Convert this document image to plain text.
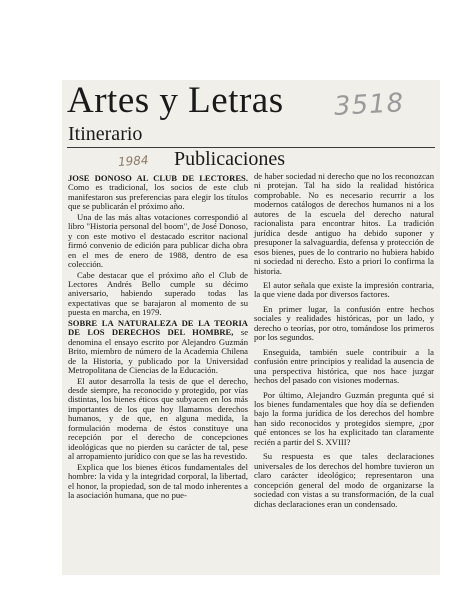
Artes y Letras 3518
Itinerario
1984 Publicaciones

JOSE DONOSO AL CLUB DE LECTORES. Como es tradicional, los socios de este club manifestaron sus preferencias para elegir los títulos que se publicarán el próximo año.

Una de las más altas votaciones correspondió al libro "Historia personal del boom", de José Donoso, y con este motivo el destacado escritor nacional firmó convenio de edición para publicar dicha obra en el mes de enero de 1988, dentro de esa colección.

Cabe destacar que el próximo año el Club de Lectores Andrés Bello cumple su décimo aniversario, habiendo superado todas las expectativas que se barajaron al momento de su puesta en marcha, en 1979.

SOBRE LA NATURALEZA DE LA TEORIA DE LOS DERECHOS DEL HOMBRE, se denomina el ensayo escrito por Alejandro Guzmán Brito, miembro de número de la Academia Chilena de la Historia, y publicado por la Universidad Metropolitana de Ciencias de la Educación.

El autor desarrolla la tesis de que el derecho, desde siempre, ha reconocido y protegido, por vías distintas, los bienes éticos que subyacen en los más importantes de los que hoy llamamos derechos humanos, y de que, en alguna medida, la formulación moderna de éstos constituye una recepción por el derecho de concepciones ideológicas que no pierden su carácter de tal, pese al arropamiento jurídico con que se las ha revestido.

Explica que los bienes éticos fundamentales del hombre: la vida y la integridad corporal, la libertad, el honor, la propiedad, son de tal modo inherentes a la asociación humana, que no pue-

de haber sociedad ni derecho que no los reconozcan ni protejan. Tal ha sido la realidad histórica comprobable. No es necesario recurrir a los modernos catálogos de derechos humanos ni a los autores de la escuela del derecho natural racionalista para encontrar hitos. La tradición jurídica desde antiguo ha debido suponer y presuponer la salvaguardia, defensa y protección de esos bienes, pues de lo contrario no hubiera habido ni sociedad ni derecho. Esto a priori lo confirma la historia.

El autor señala que existe la impresión contraria, la que viene dada por diversos factores.

En primer lugar, la confusión entre hechos sociales y realidades históricas, por un lado, y derecho o teorías, por otro, tomándose los primeros por los segundos.

Enseguida, también suele contribuir a la confusión entre principios y realidad la ausencia de una perspectiva histórica, que nos hace juzgar hechos del pasado con visiones modernas.

Por último, Alejandro Guzmán pregunta qué si los bienes fundamentales que hoy día se defienden bajo la forma jurídica de los derechos del hombre han sido reconocidos y protegidos siempre, ¿por qué entonces se los ha explicitado tan claramente recién a partir del S. XVIII?

Su respuesta es que tales declaraciones universales de los derechos del hombre tuvieron un claro carácter ideológico; representaron una concepción general del modo de organizarse la sociedad con vistas a su transformación, de la cual dichas declaraciones eran un condensado.
